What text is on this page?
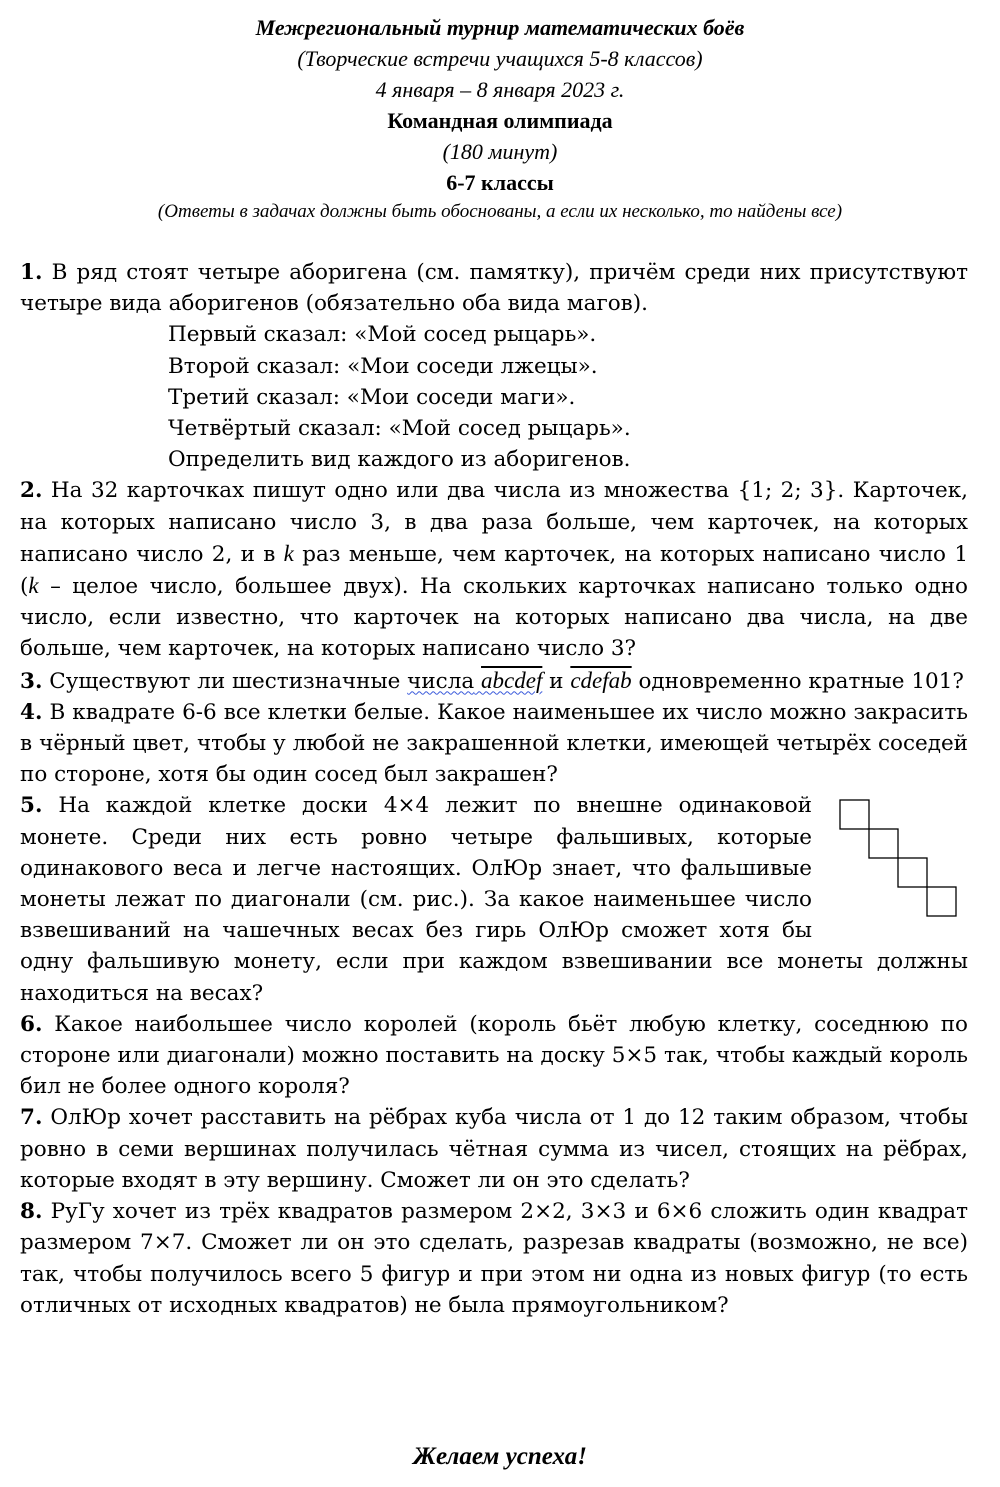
Межрегиональный турнир математических боёв

(Творческие встречи учащихся 5-8 классов)

4 января – 8 января 2023 г.

Командная олимпиада

(180 минут)

6-7 классы

(Ответы в задачах должны быть обоснованы, а если их несколько, то найдены все)

1. В ряд стоят четыре аборигена (см. памятку), причём среди них присутствуют четыре вида аборигенов (обязательно оба вида магов).

Первый сказал: «Мой сосед рыцарь».

Второй сказал: «Мои соседи лжецы».

Третий сказал: «Мои соседи маги».

Четвёртый сказал: «Мой сосед рыцарь».

Определить вид каждого из аборигенов.

2. На 32 карточках пишут одно или два числа из множества {1; 2; 3}. Карточек, на которых написано число 3, в два раза больше, чем карточек, на которых написано число 2, и в k раз меньше, чем карточек, на которых написано число 1 (k – целое число, большее двух). На скольких карточках написано только одно число, если известно, что карточек на которых написано два числа, на две больше, чем карточек, на которых написано число 3?

3. Существуют ли шестизначные числа abcdef и cdefab одновременно кратные 101?

4. В квадрате 6‐6 все клетки белые. Какое наименьшее их число можно закрасить в чёрный цвет, чтобы у любой не закрашенной клетки, имеющей четырёх соседей по стороне, хотя бы один сосед был закрашен?

5. На каждой клетке доски 4×4 лежит по внешне одинаковой монете. Среди них есть ровно четыре фальшивых, которые одинакового веса и легче настоящих. ОлЮр знает, что фальшивые монеты лежат по диагонали (см. рис.). За какое наименьшее число взвешиваний на чашечных весах без гирь ОлЮр сможет хотя бы одну фальшивую монету, если при каждом взвешивании все монеты должны находиться на весах?

6. Какое наибольшее число королей (король бьёт любую клетку, соседнюю по стороне или диагонали) можно поставить на доску 5×5 так, чтобы каждый король бил не более одного короля?

7. ОлЮр хочет расставить на рёбрах куба числа от 1 до 12 таким образом, чтобы ровно в семи вершинах получилась чётная сумма из чисел, стоящих на рёбрах, которые входят в эту вершину. Сможет ли он это сделать?

8. РуГу хочет из трёх квадратов размером 2×2, 3×3 и 6×6 сложить один квадрат размером 7×7. Сможет ли он это сделать, разрезав квадраты (возможно, не все) так, чтобы получилось всего 5 фигур и при этом ни одна из новых фигур (то есть отличных от исходных квадратов) не была прямоугольником?

Желаем успеха!
